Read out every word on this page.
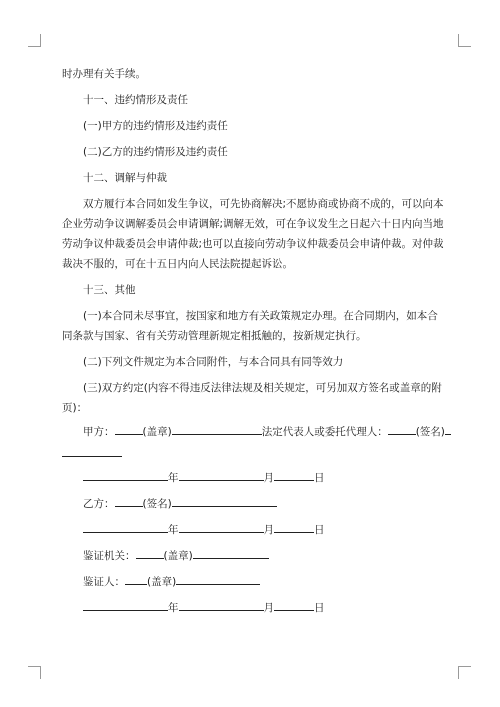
时办理有关手续。

十一、违约情形及责任

(一)甲方的违约情形及违约责任

(二)乙方的违约情形及违约责任

十二、调解与仲裁

双方履行本合同如发生争议，可先协商解决;不愿协商或协商不成的，可以向本企业劳动争议调解委员会申请调解;调解无效，可在争议发生之日起六十日内向当地劳动争议仲裁委员会申请仲裁;也可以直接向劳动争议仲裁委员会申请仲裁。对仲裁裁决不服的，可在十五日内向人民法院提起诉讼。

十三、其他

(一)本合同未尽事宜，按国家和地方有关政策规定办理。在合同期内，如本合同条款与国家、省有关劳动管理新规定相抵触的，按新规定执行。

(二)下列文件规定为本合同附件，与本合同具有同等效力

(三)双方约定(内容不得违反法律法规及相关规定，可另加双方签名或盖章的附页)：

甲方：	(盖章)	法定代表人或委托代理人：	(签名)
年	月	日
乙方：	(签名)
年	月	日
鉴证机关：	(盖章)
鉴证人： (盖章)
年	月	日
